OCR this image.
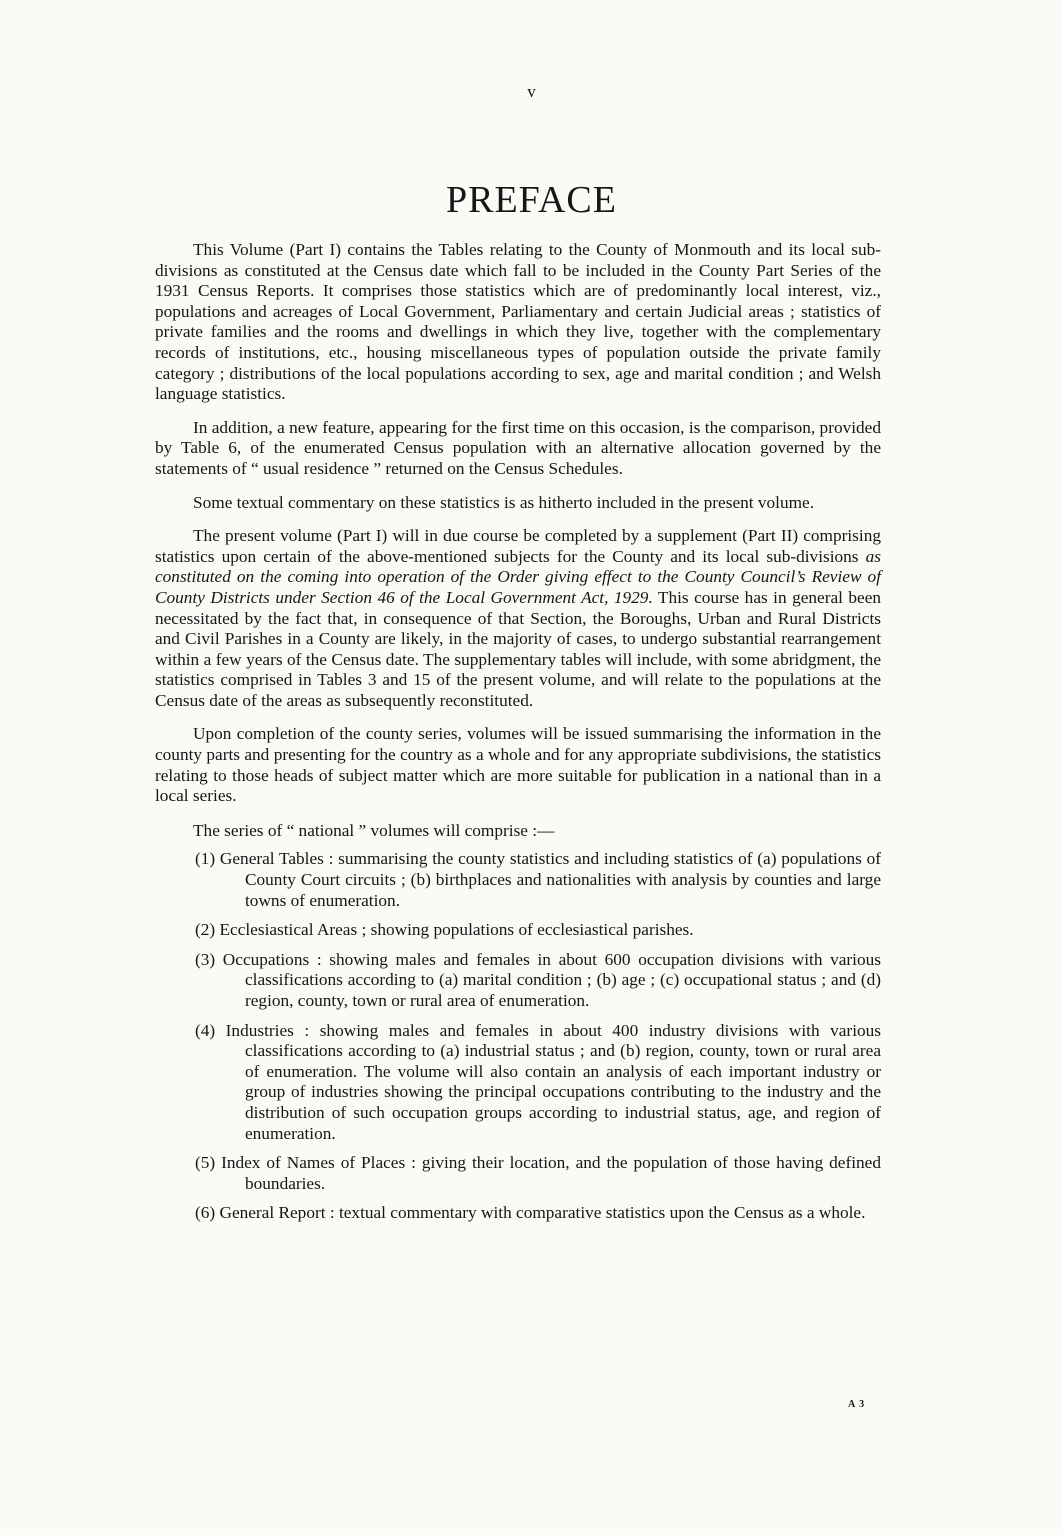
v
PREFACE

This Volume (Part I) contains the Tables relating to the County of Monmouth and its local sub-divisions as constituted at the Census date which fall to be included in the County Part Series of the 1931 Census Reports. It comprises those statistics which are of predominantly local interest, viz., populations and acreages of Local Government, Parliamentary and certain Judicial areas ; statistics of private families and the rooms and dwellings in which they live, together with the complementary records of institutions, etc., housing miscellaneous types of population outside the private family category ; distributions of the local populations according to sex, age and marital condition ; and Welsh language statistics.

In addition, a new feature, appearing for the first time on this occasion, is the comparison, provided by Table 6, of the enumerated Census population with an alternative allocation governed by the statements of “ usual residence ” returned on the Census Schedules.

Some textual commentary on these statistics is as hitherto included in the present volume.

The present volume (Part I) will in due course be completed by a supplement (Part II) comprising statistics upon certain of the above-mentioned subjects for the County and its local sub-divisions as constituted on the coming into operation of the Order giving effect to the County Council’s Review of County Districts under Section 46 of the Local Government Act, 1929. This course has in general been necessitated by the fact that, in consequence of that Section, the Boroughs, Urban and Rural Districts and Civil Parishes in a County are likely, in the majority of cases, to undergo substantial rearrangement within a few years of the Census date. The supplementary tables will include, with some abridgment, the statistics comprised in Tables 3 and 15 of the present volume, and will relate to the populations at the Census date of the areas as subsequently reconstituted.

Upon completion of the county series, volumes will be issued summarising the information in the county parts and presenting for the country as a whole and for any appropriate subdivisions, the statistics relating to those heads of subject matter which are more suitable for publication in a national than in a local series.

The series of “ national ” volumes will comprise :—

(1) General Tables : summarising the county statistics and including statistics of (a) populations of County Court circuits ; (b) birthplaces and nationalities with analysis by counties and large towns of enumeration.
(2) Ecclesiastical Areas ; showing populations of ecclesiastical parishes.
(3) Occupations : showing males and females in about 600 occupation divisions with various classifications according to (a) marital condition ; (b) age ; (c) occupational status ; and (d) region, county, town or rural area of enumeration.
(4) Industries : showing males and females in about 400 industry divisions with various classifications according to (a) industrial status ; and (b) region, county, town or rural area of enumeration. The volume will also contain an analysis of each important industry or group of industries showing the principal occupations contributing to the industry and the distribution of such occupation groups according to industrial status, age, and region of enumeration.
(5) Index of Names of Places : giving their location, and the population of those having defined boundaries.
(6) General Report : textual commentary with comparative statistics upon the Census as a whole.
A 3
